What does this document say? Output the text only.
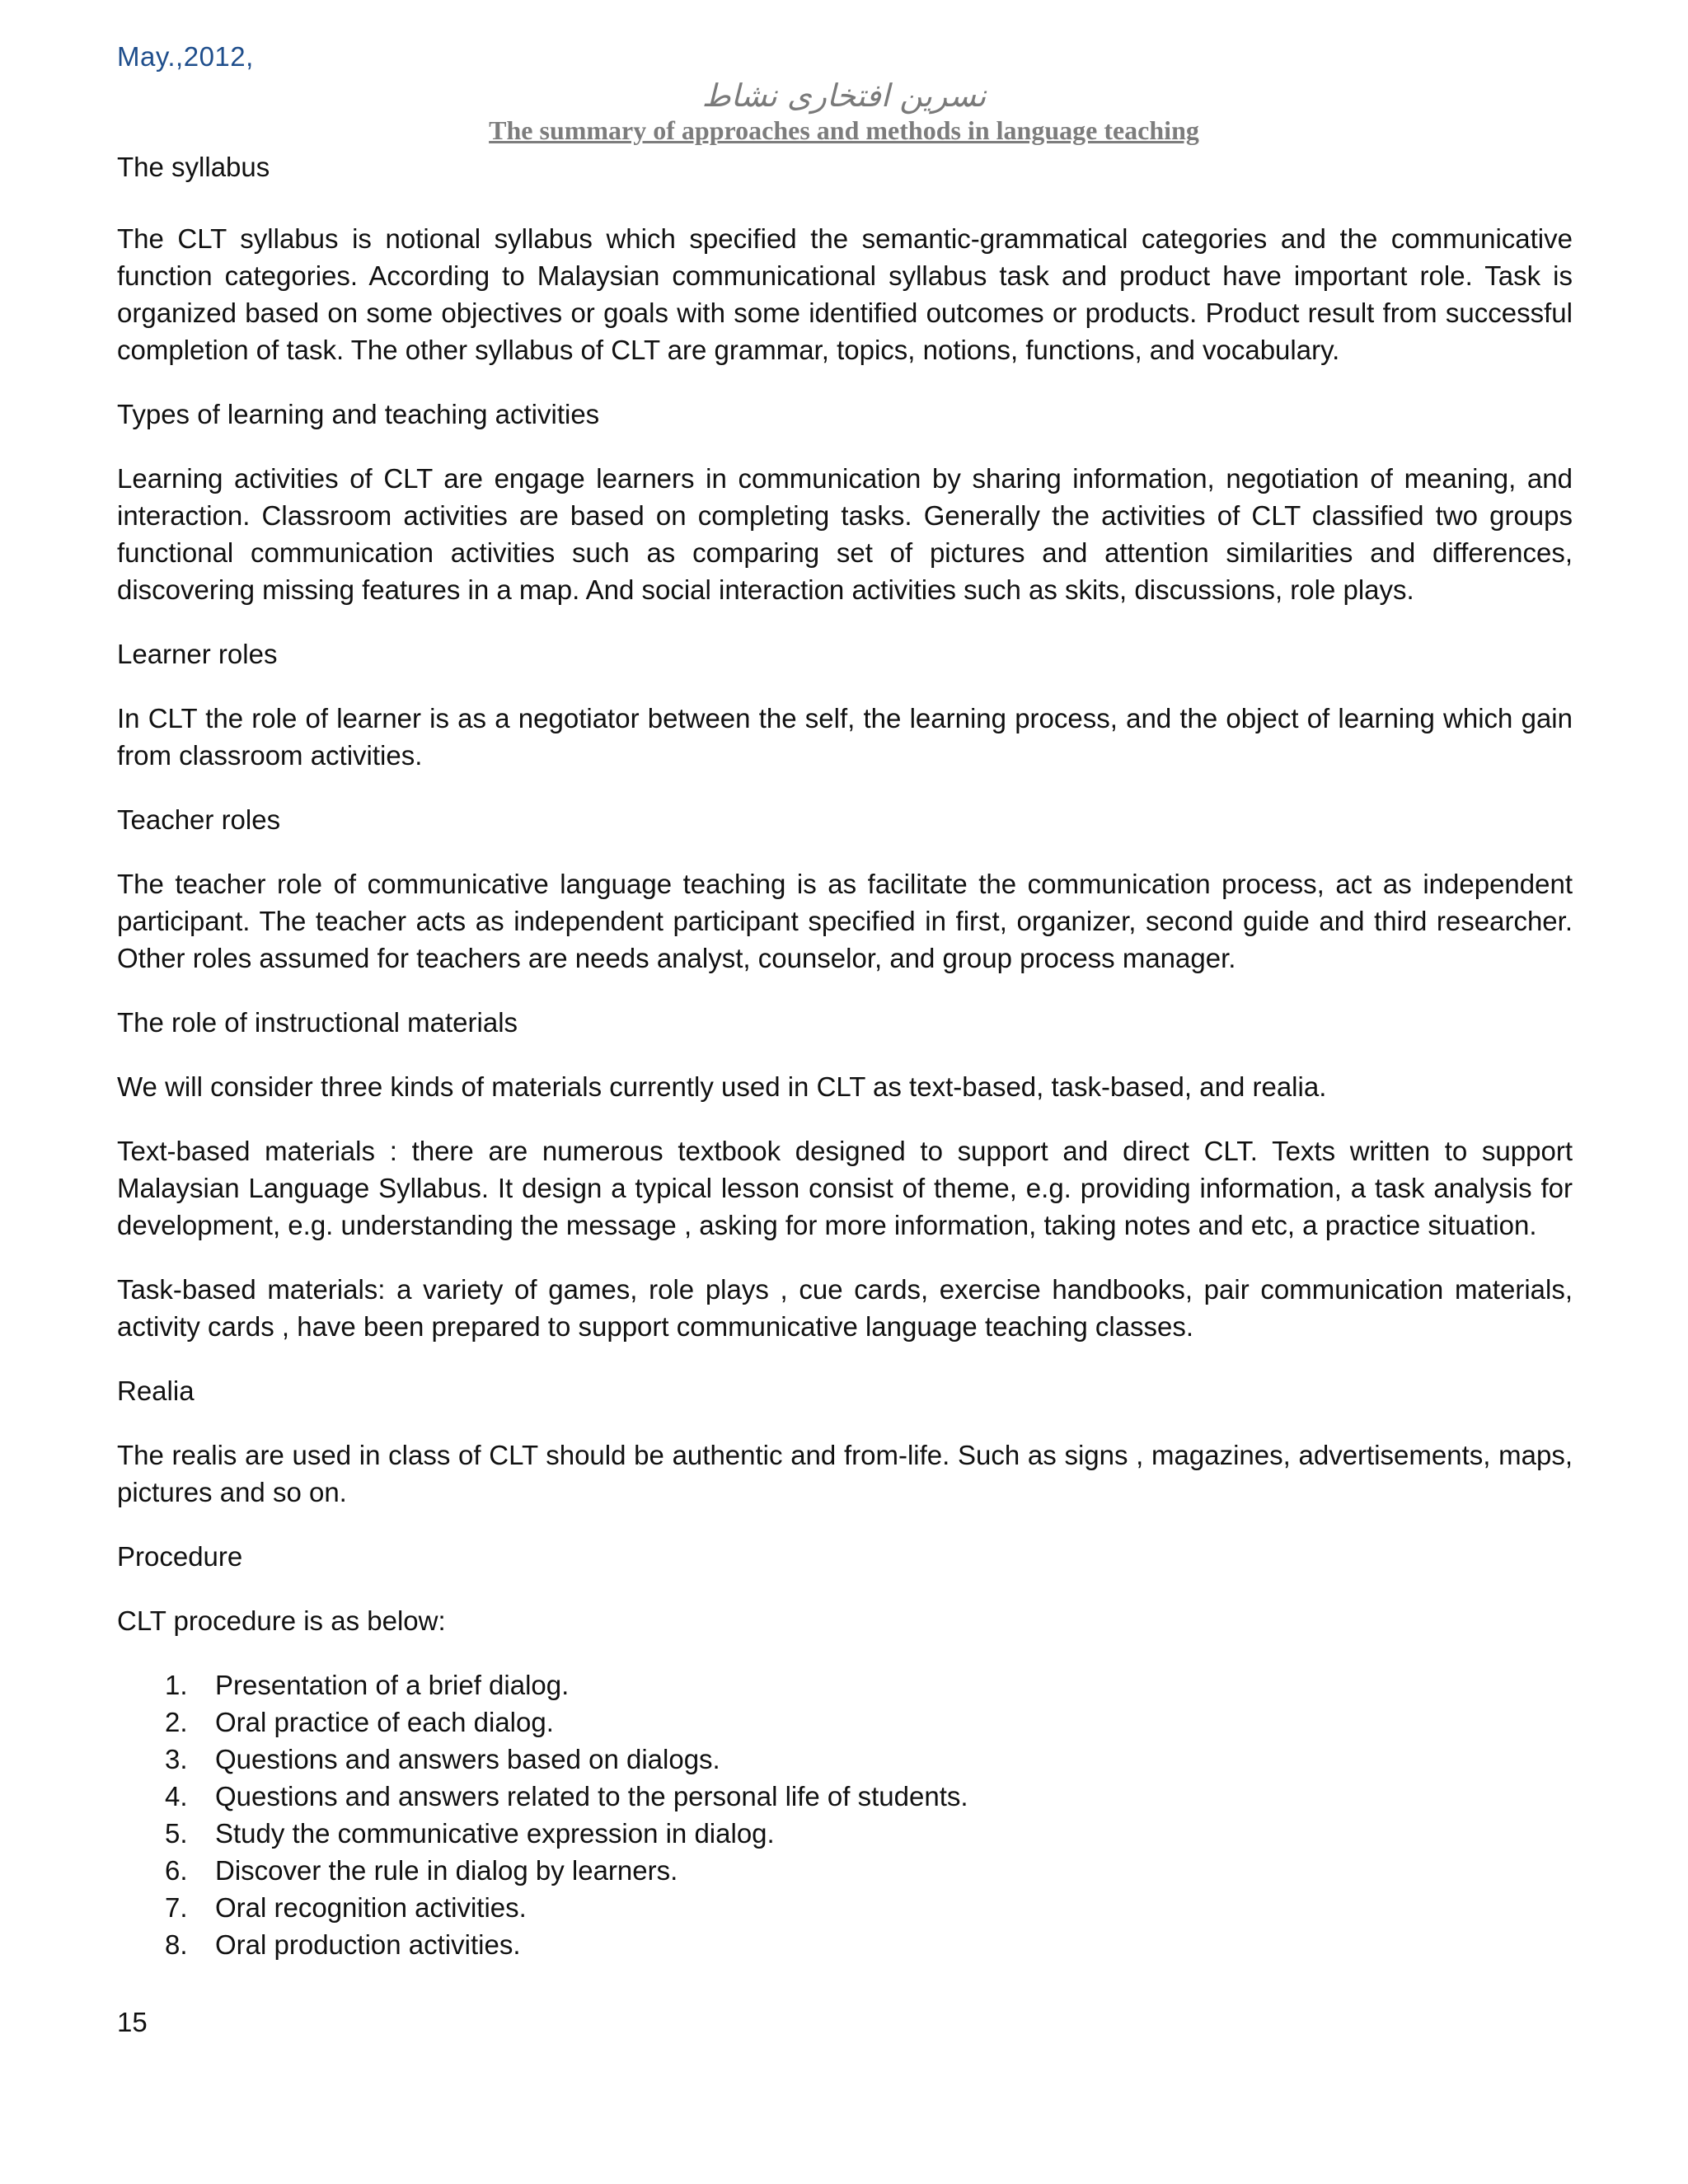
May.,2012,
نسرین افتخاری نشاط
The summary of approaches and methods in language teaching

The syllabus

The CLT syllabus is notional syllabus which specified the semantic-grammatical categories and the communicative function categories. According to Malaysian communicational syllabus task and product have important role. Task is organized based on some objectives or goals with some identified outcomes or products. Product result from successful completion of task. The other syllabus of CLT are grammar, topics, notions, functions, and vocabulary.

Types of learning and teaching activities

Learning activities of CLT are engage learners in communication by sharing information, negotiation of meaning, and interaction. Classroom activities are based on completing tasks. Generally the activities of CLT classified two groups functional communication activities such as comparing set of pictures and attention similarities and differences, discovering missing features in a map. And social interaction activities such as skits, discussions, role plays.

Learner roles

In CLT the role of learner is as a negotiator between the self, the learning process, and the object of learning which gain from classroom activities.

Teacher roles

The teacher role of communicative language teaching is as facilitate the communication process, act as independent participant. The teacher acts as independent participant specified in first, organizer, second guide and third researcher. Other roles assumed for teachers are needs analyst, counselor, and group process manager.

The role of instructional materials

We will consider three kinds of materials currently used in CLT as text-based, task-based, and realia.

Text-based materials : there are numerous textbook designed to support and direct CLT. Texts written to support Malaysian Language Syllabus. It design a typical lesson consist of theme, e.g. providing information, a task analysis for development, e.g. understanding the message , asking for more information, taking notes and etc, a practice situation.

Task-based materials: a variety of games, role plays , cue cards, exercise handbooks, pair communication materials, activity cards , have been prepared to support communicative language teaching classes.

Realia

The realis are used in class of CLT should be authentic and from-life. Such as signs , magazines, advertisements, maps, pictures and so on.

Procedure

CLT procedure is as below:

1.	Presentation of a brief dialog.
2.	Oral practice of each dialog.
3.	Questions and answers based on dialogs.
4.	Questions and answers related to the personal life of students.
5.	Study the communicative expression in dialog.
6.	Discover the rule in dialog by learners.
7.	Oral recognition activities.
8.	Oral production activities.
15
